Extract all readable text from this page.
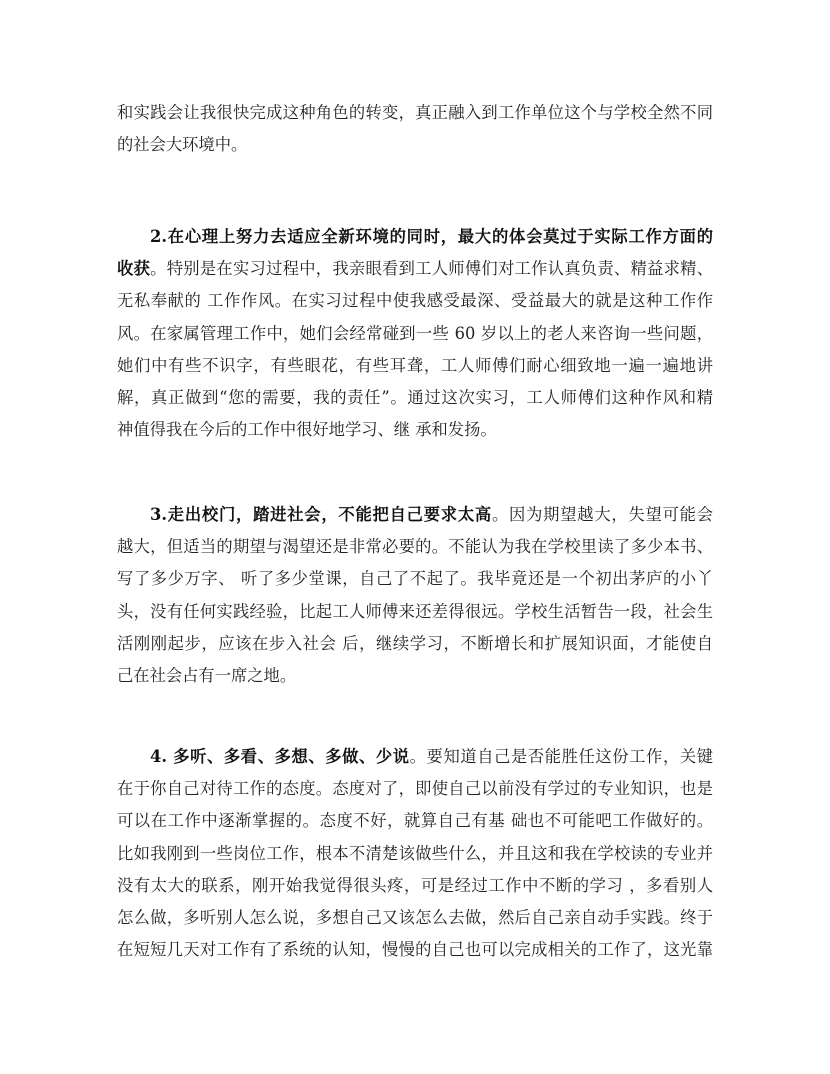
和实践会让我很快完成这种角色的转变，真正融入到工作单位这个与学校全然不同
的社会大环境中。
2.在心理上努力去适应全新环境的同时，最大的体会莫过于实际工作方面的
收获。特别是在实习过程中，我亲眼看到工人师傅们对工作认真负责、精益求精、
无私奉献的 工作作风。在实习过程中使我感受最深、受益最大的就是这种工作作
风。在家属管理工作中，她们会经常碰到一些 60 岁以上的老人来咨询一些问题，
她们中有些不识字，有些眼花，有些耳聋，工人师傅们耐心细致地一遍一遍地讲
解，真正做到“您的需要，我的责任”。通过这次实习，工人师傅们这种作风和精
神值得我在今后的工作中很好地学习、继 承和发扬。
3.走出校门，踏进社会，不能把自己要求太高。因为期望越大，失望可能会
越大，但适当的期望与渴望还是非常必要的。不能认为我在学校里读了多少本书、
写了多少万字、 听了多少堂课，自己了不起了。我毕竟还是一个初出茅庐的小丫
头，没有任何实践经验，比起工人师傅来还差得很远。学校生活暂告一段，社会生
活刚刚起步，应该在步入社会 后，继续学习，不断增长和扩展知识面，才能使自
己在社会占有一席之地。
4. 多听、多看、多想、多做、少说。要知道自己是否能胜任这份工作，关键
在于你自己对待工作的态度。态度对了，即使自己以前没有学过的专业知识，也是
可以在工作中逐渐掌握的。态度不好，就算自己有基 础也不可能吧工作做好的。
比如我刚到一些岗位工作，根本不清楚该做些什么，并且这和我在学校读的专业并
没有太大的联系，刚开始我觉得很头疼，可是经过工作中不断的学习 ，多看别人
怎么做，多听别人怎么说，多想自己又该怎么去做，然后自己亲自动手实践。终于
在短短几天对工作有了系统的认知，慢慢的自己也可以完成相关的工作了，这光靠
